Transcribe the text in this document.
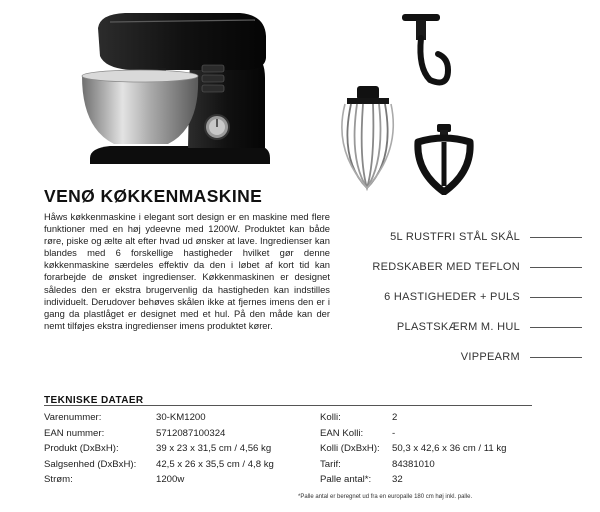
VENØ KØKKENMASKINE

Håws køkkenmaskine i elegant sort design er en maskine med flere funktioner med en høj ydeevne med 1200W. Produktet kan både røre, piske og ælte alt efter hvad ud ønsker at lave. Ingredienser kan blandes med 6 forskellige hastigheder hvilket gør denne køkkenmaskine særdeles effektiv da den i løbet af kort tid kan forarbejde de ønsket ingredienser. Køkkenmaskinen er designet således den er ekstra brugervenlig da hastigheden kan indstilles individuelt. Derudover behøves skålen ikke at fjernes imens den er i gang da plastlåget er designet med et hul. På den måde kan der nemt tilføjes ekstra ingredienser imens produktet kører.

5L RUSTFRI STÅL SKÅL
REDSKABER MED TEFLON
6 HASTIGHEDER + PULS
PLASTSKÆRM M. HUL
VIPPEARM
TEKNISKE DATAER
Varenummer:	30-KM1200
EAN nummer:	5712087100324
Produkt (DxBxH):	39 x 23 x 31,5 cm / 4,56 kg
Salgsenhed (DxBxH):	42,5 x 26 x 35,5 cm / 4,8 kg
Strøm:	1200w
Kolli:	2
EAN Kolli:	-
Kolli (DxBxH):	50,3 x 42,6 x 36 cm / 11 kg
Tarif:	84381010
Palle antal*:	32
*Palle antal er beregnet ud fra en europalle 180 cm høj inkl. palle.
